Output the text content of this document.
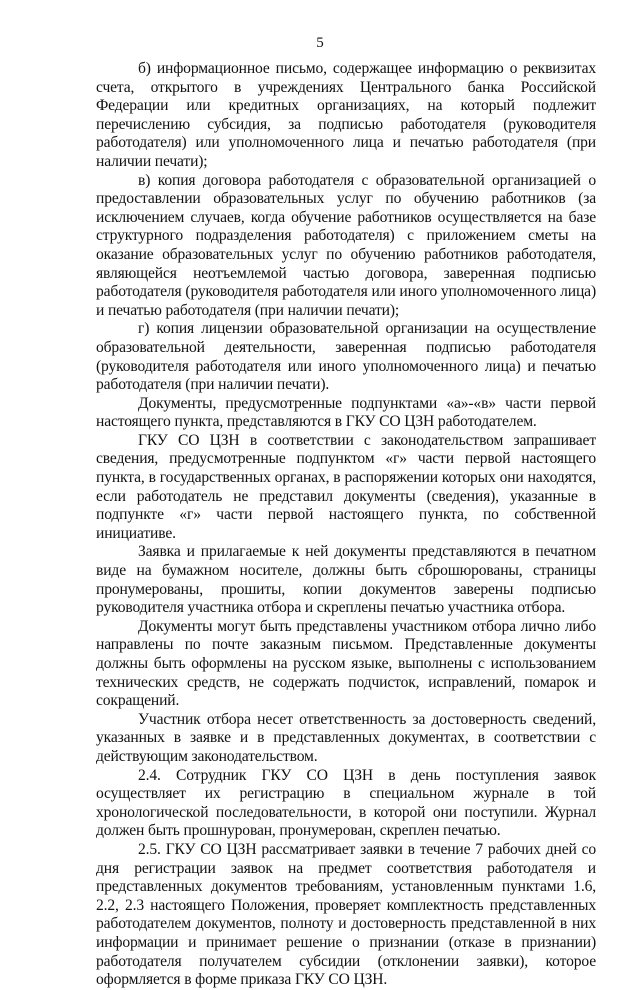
5

б) информационное письмо, содержащее информацию о реквизитах счета, открытого в учреждениях Центрального банка Российской Федерации или кредитных организациях, на который подлежит перечислению субсидия, за подписью работодателя (руководителя работодателя) или уполномоченного лица и печатью работодателя (при наличии печати);

в) копия договора работодателя с образовательной организацией о предоставлении образовательных услуг по обучению работников (за исключением случаев, когда обучение работников осуществляется на базе структурного подразделения работодателя) с приложением сметы на оказание образовательных услуг по обучению работников работодателя, являющейся неотъемлемой частью договора, заверенная подписью работодателя (руководителя работодателя или иного уполномоченного лица) и печатью работодателя (при наличии печати);

г) копия лицензии образовательной организации на осуществление образовательной деятельности, заверенная подписью работодателя (руководителя работодателя или иного уполномоченного лица) и печатью работодателя (при наличии печати).

Документы, предусмотренные подпунктами «а»-«в» части первой настоящего пункта, представляются в ГКУ СО ЦЗН работодателем.

ГКУ СО ЦЗН в соответствии с законодательством запрашивает сведения, предусмотренные подпунктом «г» части первой настоящего пункта, в государственных органах, в распоряжении которых они находятся, если работодатель не представил документы (сведения), указанные в подпункте «г» части первой настоящего пункта, по собственной инициативе.

Заявка и прилагаемые к ней документы представляются в печатном виде на бумажном носителе, должны быть сброшюрованы, страницы пронумерованы, прошиты, копии документов заверены подписью руководителя участника отбора и скреплены печатью участника отбора.

Документы могут быть представлены участником отбора лично либо направлены по почте заказным письмом. Представленные документы должны быть оформлены на русском языке, выполнены с использованием технических средств, не содержать подчисток, исправлений, помарок и сокращений.

Участник отбора несет ответственность за достоверность сведений, указанных в заявке и в представленных документах, в соответствии с действующим законодательством.

2.4. Сотрудник ГКУ СО ЦЗН в день поступления заявок осуществляет их регистрацию в специальном журнале в той хронологической последовательности, в которой они поступили. Журнал должен быть прошнурован, пронумерован, скреплен печатью.

2.5. ГКУ СО ЦЗН рассматривает заявки в течение 7 рабочих дней со дня регистрации заявок на предмет соответствия работодателя и представленных документов требованиям, установленным пунктами 1.6, 2.2, 2.3 настоящего Положения, проверяет комплектность представленных работодателем документов, полноту и достоверность представленной в них информации и принимает решение о признании (отказе в признании) работодателя получателем субсидии (отклонении заявки), которое оформляется в форме приказа ГКУ СО ЦЗН.
